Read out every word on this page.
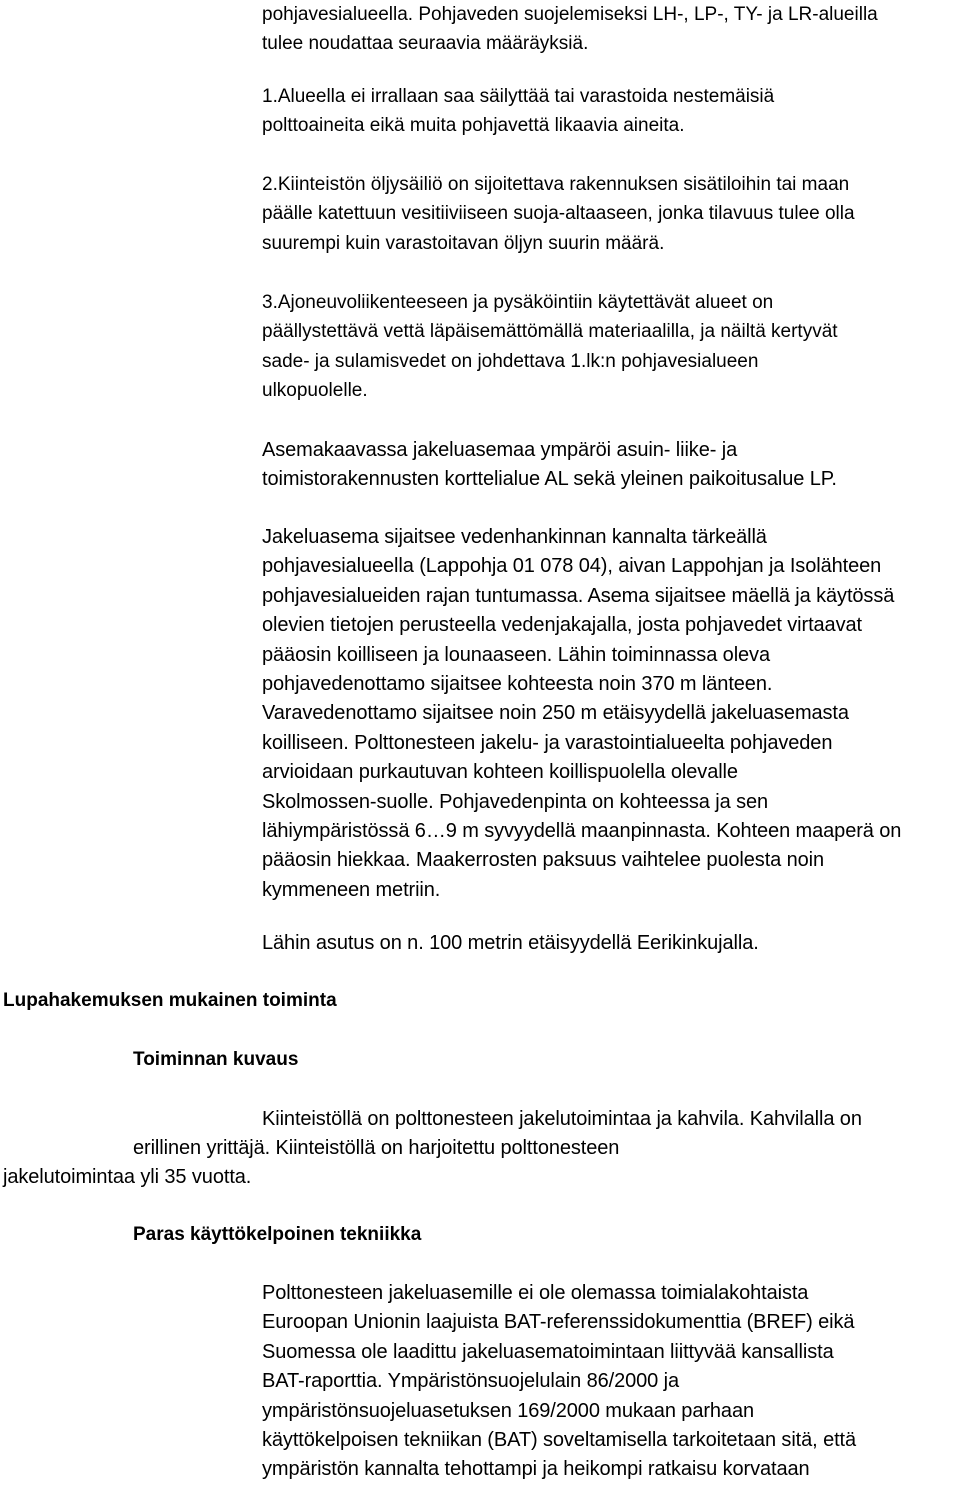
pohjavesialueella. Pohjaveden suojelemiseksi LH-, LP-, TY- ja LR-alueilla
tulee noudattaa seuraavia määräyksiä.
1.Alueella ei irrallaan saa säilyttää tai varastoida nestemäisiä
polttoaineita eikä muita pohjavettä likaavia aineita.
2.Kiinteistön öljysäiliö on sijoitettava rakennuksen sisätiloihin tai maan
päälle katettuun vesitiiviiseen suoja-altaaseen, jonka tilavuus tulee olla
suurempi kuin varastoitavan öljyn suurin määrä.
3.Ajoneuvoliikenteeseen ja pysäköintiin käytettävät alueet on
päällystettävä vettä läpäisemättömällä materiaalilla, ja näiltä kertyvät
sade- ja sulamisvedet on johdettava 1.lk:n pohjavesialueen
ulkopuolelle.
Asemakaavassa jakeluasemaa ympäröi asuin- liike- ja
toimistorakennusten korttelialue AL sekä yleinen paikoitusalue LP.
Jakeluasema sijaitsee vedenhankinnan kannalta tärkeällä
pohjavesialueella (Lappohja 01 078 04), aivan Lappohjan ja Isolähteen
pohjavesialueiden rajan tuntumassa. Asema sijaitsee mäellä ja käytössä
olevien tietojen perusteella vedenjakajalla, josta pohjavedet virtaavat
pääosin koilliseen ja lounaaseen. Lähin toiminnassa oleva
pohjavedenottamo sijaitsee kohteesta noin 370 m länteen.
Varavedenottamo sijaitsee noin 250 m etäisyydellä jakeluasemasta
koilliseen. Polttonesteen jakelu- ja varastointialueelta pohjaveden
arvioidaan purkautuvan kohteen koillispuolella olevalle
Skolmossen-suolle. Pohjavedenpinta on kohteessa ja sen
lähiympäristössä 6…9 m syvyydellä maanpinnasta. Kohteen maaperä on
pääosin hiekkaa. Maakerrosten paksuus vaihtelee puolesta noin
kymmeneen metriin.
Lähin asutus on n. 100 metrin etäisyydellä Eerikinkujalla.
Lupahakemuksen mukainen toiminta
Toiminnan kuvaus
Kiinteistöllä on polttonesteen jakelutoimintaa ja kahvila. Kahvilalla on
erillinen yrittäjä. Kiinteistöllä on harjoitettu polttonesteen
jakelutoimintaa yli 35 vuotta.
Paras käyttökelpoinen tekniikka
Polttonesteen jakeluasemille ei ole olemassa toimialakohtaista
Euroopan Unionin laajuista BAT-referenssidokumenttia (BREF) eikä
Suomessa ole laadittu jakeluasematoimintaan liittyvää kansallista
BAT-raporttia. Ympäristönsuojelulain 86/2000 ja
ympäristönsuojeluasetuksen 169/2000 mukaan parhaan
käyttökelpoisen tekniikan (BAT) soveltamisella tarkoitetaan sitä, että
ympäristön kannalta tehottampi ja heikompi ratkaisu korvataan
